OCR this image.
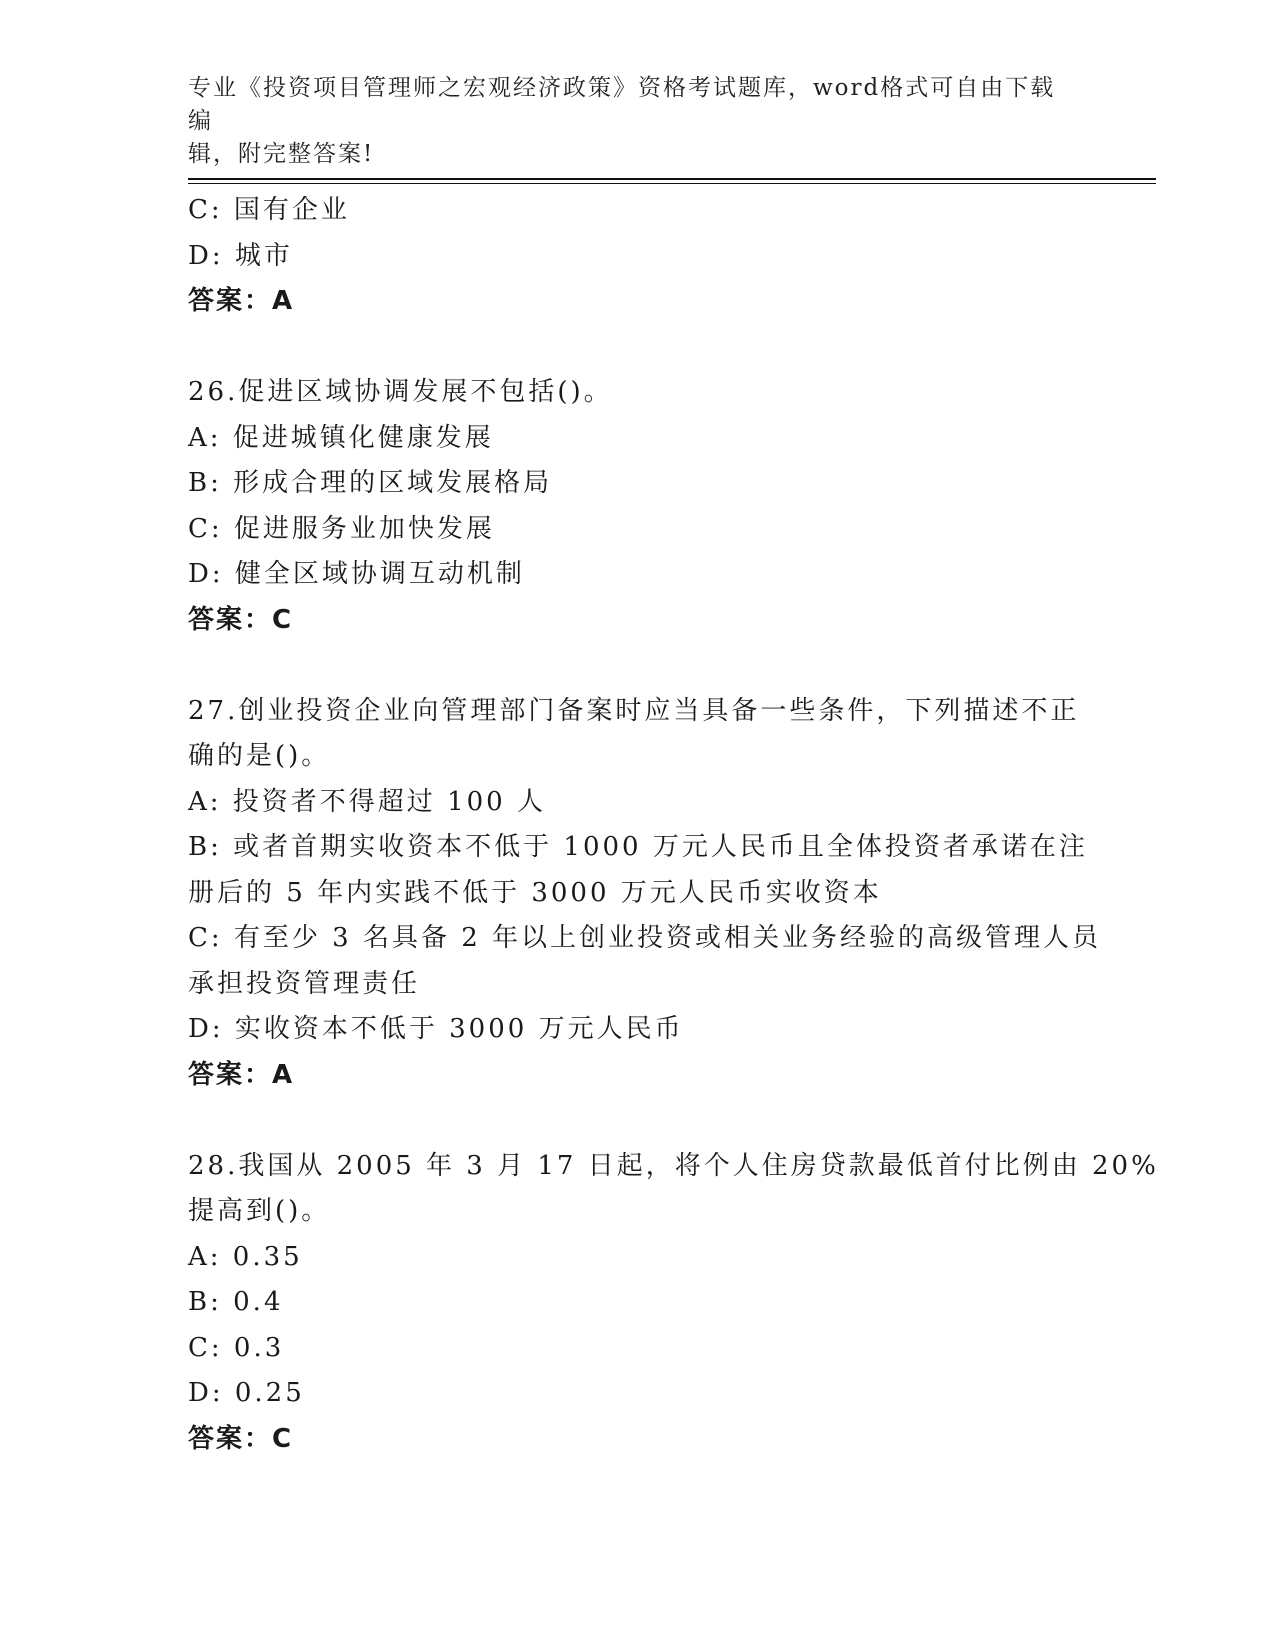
专业《投资项目管理师之宏观经济政策》资格考试题库，word格式可自由下载编
辑，附完整答案!
C: 国有企业
D: 城市
答案：A
26.促进区域协调发展不包括()。
A: 促进城镇化健康发展
B: 形成合理的区域发展格局
C: 促进服务业加快发展
D: 健全区域协调互动机制
答案：C
27.创业投资企业向管理部门备案时应当具备一些条件，下列描述不正
确的是()。
A: 投资者不得超过 100 人
B: 或者首期实收资本不低于 1000 万元人民币且全体投资者承诺在注
册后的 5 年内实践不低于 3000 万元人民币实收资本
C: 有至少 3 名具备 2 年以上创业投资或相关业务经验的高级管理人员
承担投资管理责任
D: 实收资本不低于 3000 万元人民币
答案：A
28.我国从 2005 年 3 月 17 日起，将个人住房贷款最低首付比例由 20%
提高到()。
A: 0.35
B: 0.4
C: 0.3
D: 0.25
答案：C
